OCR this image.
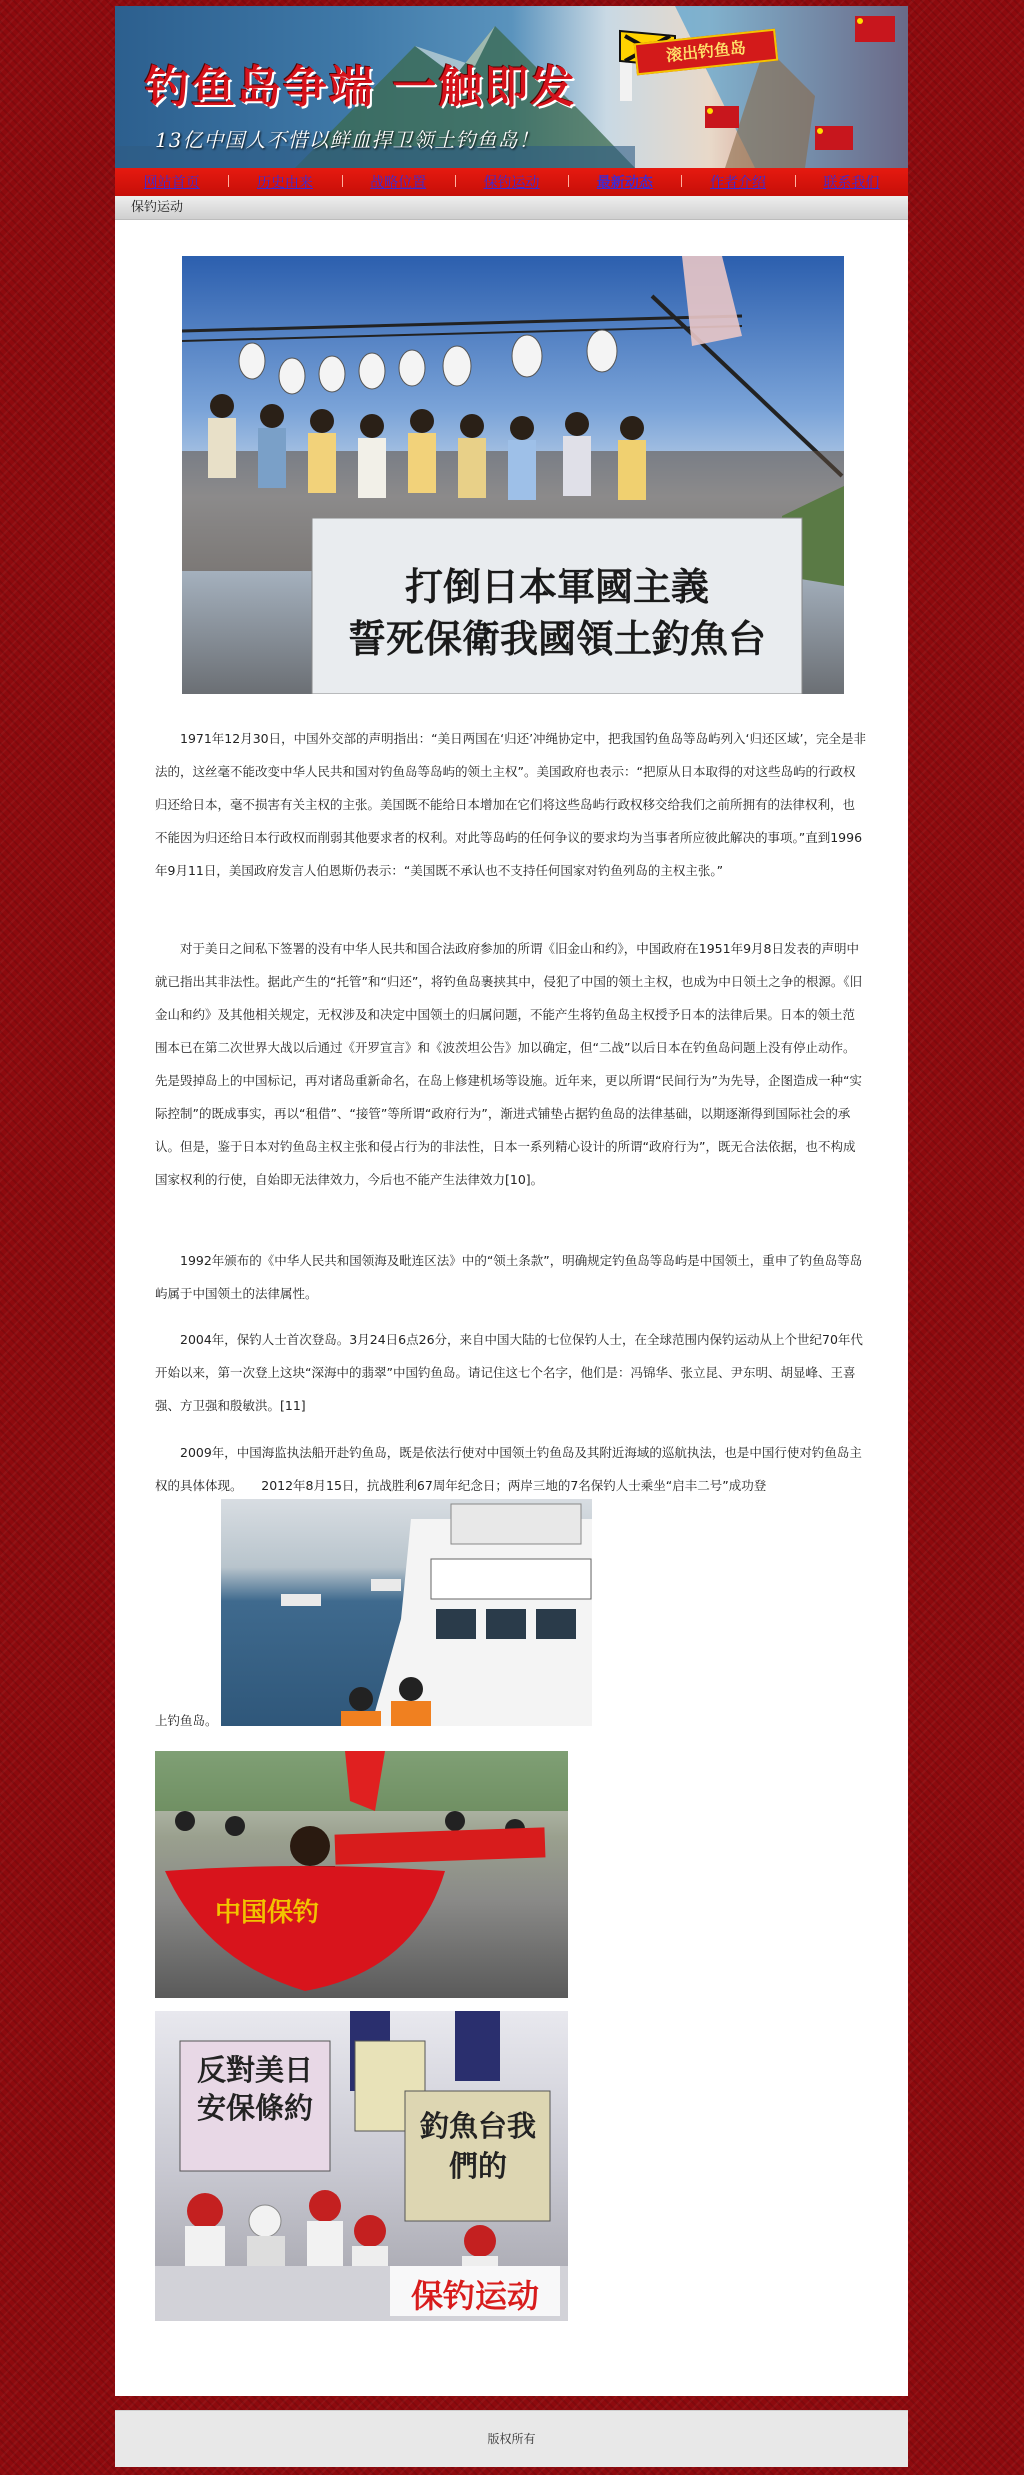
钓鱼岛争端 一触即发
13亿中国人不惜以鲜血捍卫领土钓鱼岛！
滚出钓鱼岛
网站首页	历史由来	战略位置	保钓运动	最新动态	作者介绍	联系我们
保钓运动
打倒日本軍國主義
誓死保衛我國領土釣魚台

1971年12月30日，中国外交部的声明指出：“美日两国在‘归还’冲绳协定中，把我国钓鱼岛等岛屿列入‘归还区域’，完全是非法的，这丝毫不能改变中华人民共和国对钓鱼岛等岛屿的领土主权”。美国政府也表示：“把原从日本取得的对这些岛屿的行政权归还给日本，毫不损害有关主权的主张。美国既不能给日本增加在它们将这些岛屿行政权移交给我们之前所拥有的法律权利，也不能因为归还给日本行政权而削弱其他要求者的权利。对此等岛屿的任何争议的要求均为当事者所应彼此解决的事项。”直到1996年9月11日，美国政府发言人伯恩斯仍表示：“美国既不承认也不支持任何国家对钓鱼列岛的主权主张。”

对于美日之间私下签署的没有中华人民共和国合法政府参加的所谓《旧金山和约》，中国政府在1951年9月8日发表的声明中就已指出其非法性。据此产生的“托管”和“归还”，将钓鱼岛裹挟其中，侵犯了中国的领土主权，也成为中日领土之争的根源。《旧金山和约》及其他相关规定，无权涉及和决定中国领土的归属问题，不能产生将钓鱼岛主权授予日本的法律后果。日本的领土范围本已在第二次世界大战以后通过《开罗宣言》和《波茨坦公告》加以确定，但“二战”以后日本在钓鱼岛问题上没有停止动作。先是毁掉岛上的中国标记，再对诸岛重新命名，在岛上修建机场等设施。近年来，更以所谓“民间行为”为先导，企图造成一种“实际控制”的既成事实，再以“租借”、“接管”等所谓“政府行为”，渐进式铺垫占据钓鱼岛的法律基础，以期逐渐得到国际社会的承认。但是，鉴于日本对钓鱼岛主权主张和侵占行为的非法性，日本一系列精心设计的所谓“政府行为”，既无合法依据，也不构成国家权利的行使，自始即无法律效力，今后也不能产生法律效力[10]。

1992年颁布的《中华人民共和国领海及毗连区法》中的“领土条款”，明确规定钓鱼岛等岛屿是中国领土，重申了钓鱼岛等岛屿属于中国领土的法律属性。

2004年，保钓人士首次登岛。3月24日6点26分，来自中国大陆的七位保钓人士，在全球范围内保钓运动从上个世纪70年代开始以来，第一次登上这块“深海中的翡翠”中国钓鱼岛。请记住这七个名字，他们是：冯锦华、张立昆、尹东明、胡显峰、王喜强、方卫强和殷敏洪。[11]

2009年，中国海监执法船开赴钓鱼岛，既是依法行使对中国领土钓鱼岛及其附近海域的巡航执法，也是中国行使对钓鱼岛主权的具体体现。　　2012年8月15日，抗战胜利67周年纪念日；两岸三地的7名保钓人士乘坐“启丰二号”成功登

上钓鱼岛。

中国保钓
反對美日安保條約
釣魚台我們的
保钓运动
版权所有
